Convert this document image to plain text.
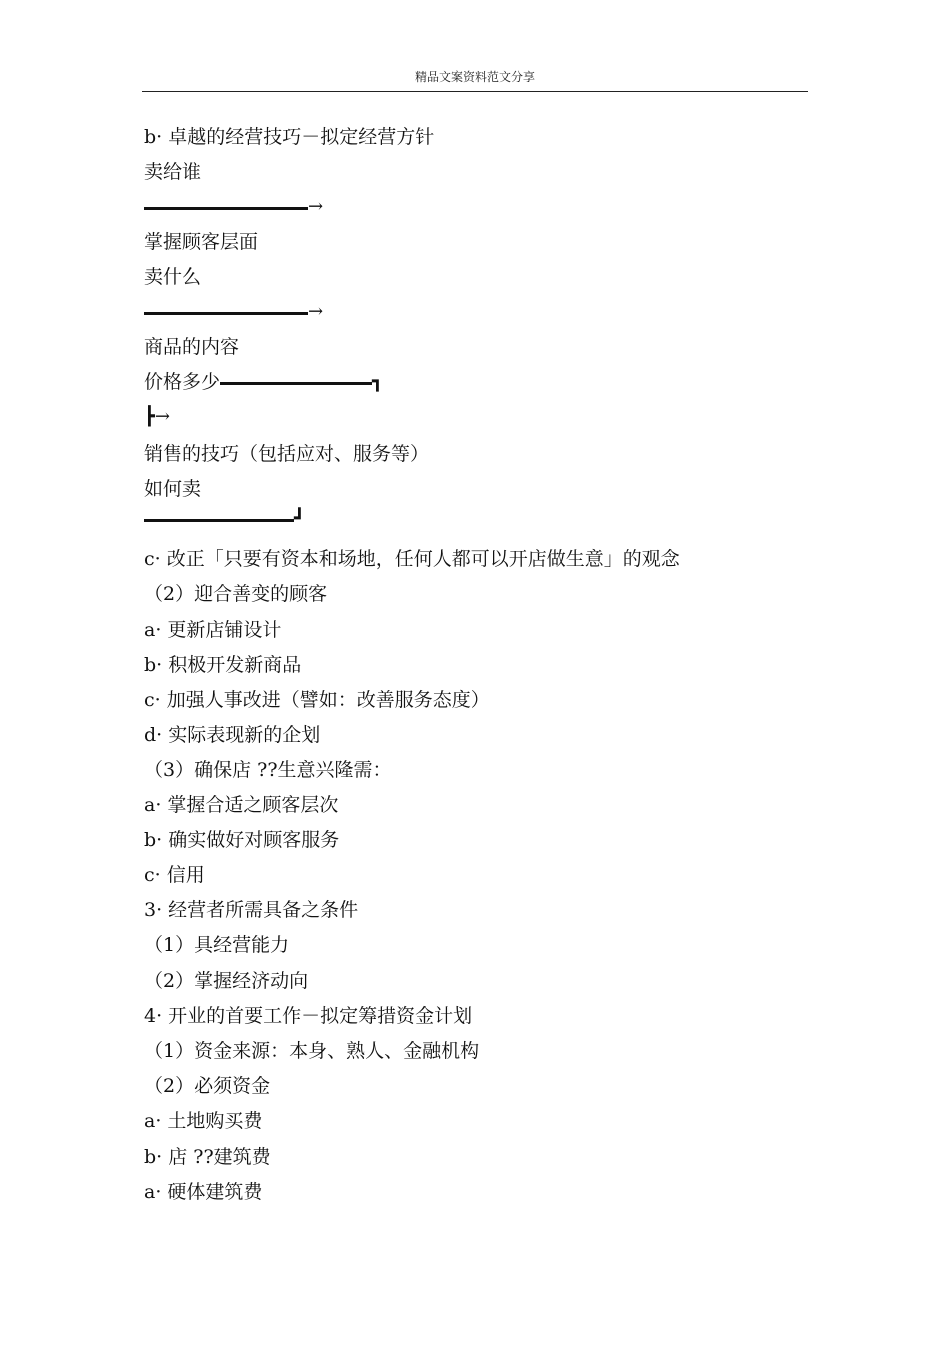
精品文案资料范文分享
b· 卓越的经营技巧－拟定经营方针
卖给谁
→
掌握顾客层面
卖什么
→
商品的内容
价格多少	┓
┣→
销售的技巧（包括应对、服务等）
如何卖
┛
c· 改正「只要有资本和场地，任何人都可以开店做生意」的观念
（2）迎合善变的顾客
a· 更新店铺设计
b· 积极开发新商品
c· 加强人事改进（譬如：改善服务态度）
d· 实际表现新的企划
（3）确保店 ??生意兴隆需：
a· 掌握合适之顾客层次
b· 确实做好对顾客服务
c· 信用
3· 经营者所需具备之条件
（1）具经营能力
（2）掌握经济动向
4· 开业的首要工作－拟定筹措资金计划
（1）资金来源：本身、熟人、金融机构
（2）必须资金
a· 土地购买费
b· 店 ??建筑费
a· 硬体建筑费
